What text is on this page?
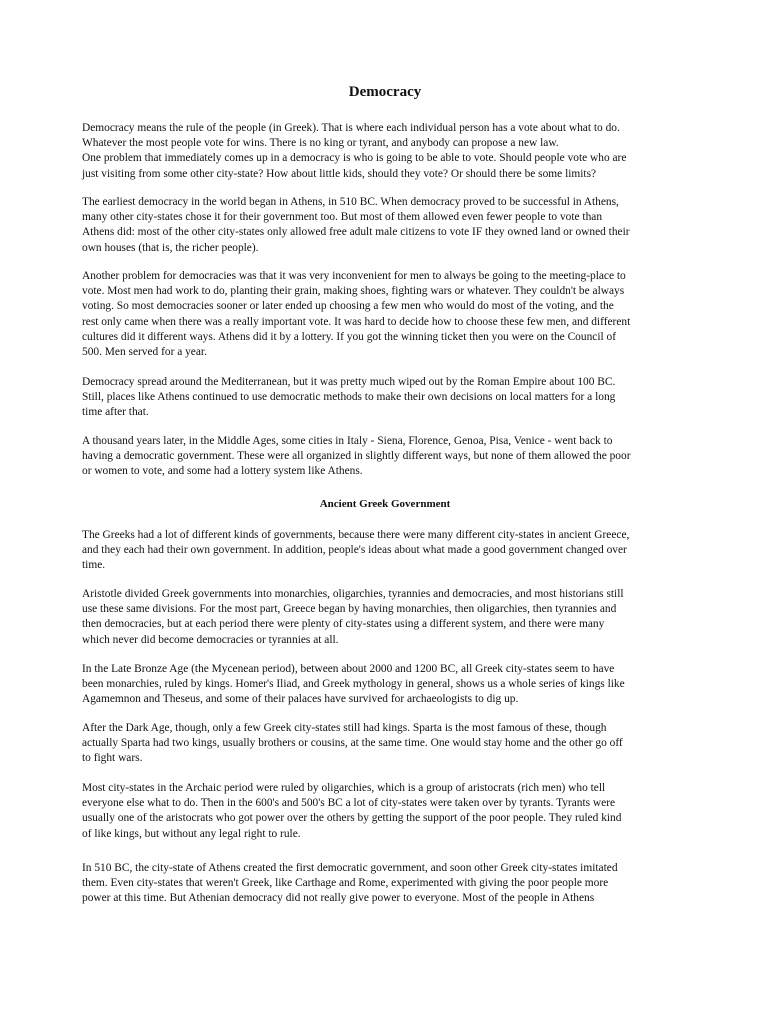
Democracy

Democracy means the rule of the people (in Greek). That is where each individual person has a vote about what to do.
Whatever the most people vote for wins. There is no king or tyrant, and anybody can propose a new law.
One problem that immediately comes up in a democracy is who is going to be able to vote. Should people vote who are
just visiting from some other city-state? How about little kids, should they vote? Or should there be some limits?

The earliest democracy in the world began in Athens, in 510 BC. When democracy proved to be successful in Athens,
many other city-states chose it for their government too. But most of them allowed even fewer people to vote than
Athens did: most of the other city-states only allowed free adult male citizens to vote IF they owned land or owned their
own houses (that is, the richer people).

Another problem for democracies was that it was very inconvenient for men to always be going to the meeting-place to
vote. Most men had work to do, planting their grain, making shoes, fighting wars or whatever. They couldn't be always
voting. So most democracies sooner or later ended up choosing a few men who would do most of the voting, and the
rest only came when there was a really important vote. It was hard to decide how to choose these few men, and different
cultures did it different ways. Athens did it by a lottery. If you got the winning ticket then you were on the Council of
500. Men served for a year.

Democracy spread around the Mediterranean, but it was pretty much wiped out by the Roman Empire about 100 BC.
Still, places like Athens continued to use democratic methods to make their own decisions on local matters for a long
time after that.

A thousand years later, in the Middle Ages, some cities in Italy - Siena, Florence, Genoa, Pisa, Venice - went back to
having a democratic government. These were all organized in slightly different ways, but none of them allowed the poor
or women to vote, and some had a lottery system like Athens.

Ancient Greek Government

The Greeks had a lot of different kinds of governments, because there were many different city-states in ancient Greece,
and they each had their own government. In addition, people's ideas about what made a good government changed over
time.

Aristotle divided Greek governments into monarchies, oligarchies, tyrannies and democracies, and most historians still
use these same divisions. For the most part, Greece began by having monarchies, then oligarchies, then tyrannies and
then democracies, but at each period there were plenty of city-states using a different system, and there were many
which never did become democracies or tyrannies at all.

In the Late Bronze Age (the Mycenean period), between about 2000 and 1200 BC, all Greek city-states seem to have
been monarchies, ruled by kings. Homer's Iliad, and Greek mythology in general, shows us a whole series of kings like
Agamemnon and Theseus, and some of their palaces have survived for archaeologists to dig up.

After the Dark Age, though, only a few Greek city-states still had kings. Sparta is the most famous of these, though
actually Sparta had two kings, usually brothers or cousins, at the same time. One would stay home and the other go off
to fight wars.

Most city-states in the Archaic period were ruled by oligarchies, which is a group of aristocrats (rich men) who tell
everyone else what to do. Then in the 600's and 500's BC a lot of city-states were taken over by tyrants. Tyrants were
usually one of the aristocrats who got power over the others by getting the support of the poor people. They ruled kind
of like kings, but without any legal right to rule.

In 510 BC, the city-state of Athens created the first democratic government, and soon other Greek city-states imitated
them. Even city-states that weren't Greek, like Carthage and Rome, experimented with giving the poor people more
power at this time. But Athenian democracy did not really give power to everyone. Most of the people in Athens
